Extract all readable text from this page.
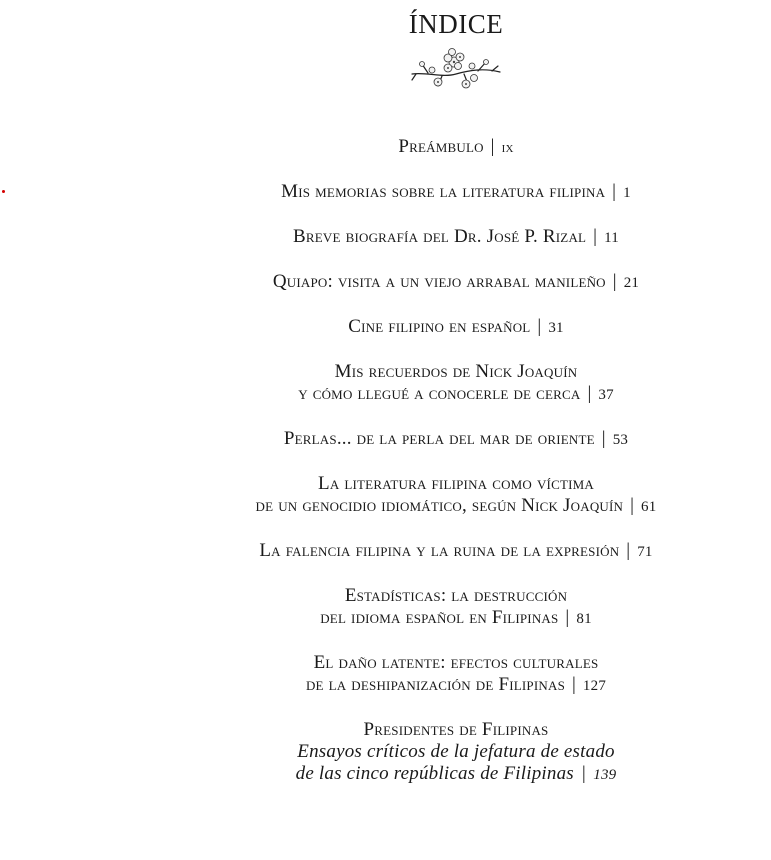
ÍNDICE
Preámbulo | ix
Mis memorias sobre la literatura filipina | 1
Breve biografía del Dr. José P. Rizal | 11
Quiapo: visita a un viejo arrabal manileño | 21
Cine filipino en español | 31
Mis recuerdos de Nick Joaquín
y cómo llegué a conocerle de cerca | 37
Perlas... de la perla del mar de oriente | 53
La literatura filipina como víctima
de un genocidio idiomático, según Nick Joaquín | 61
La falencia filipina y la ruina de la expresión | 71
Estadísticas: la destrucción
del idioma español en Filipinas | 81
El daño latente: efectos culturales
de la deshipanización de Filipinas | 127
Presidentes de Filipinas
Ensayos críticos de la jefatura de estado
de las cinco repúblicas de Filipinas | 139
